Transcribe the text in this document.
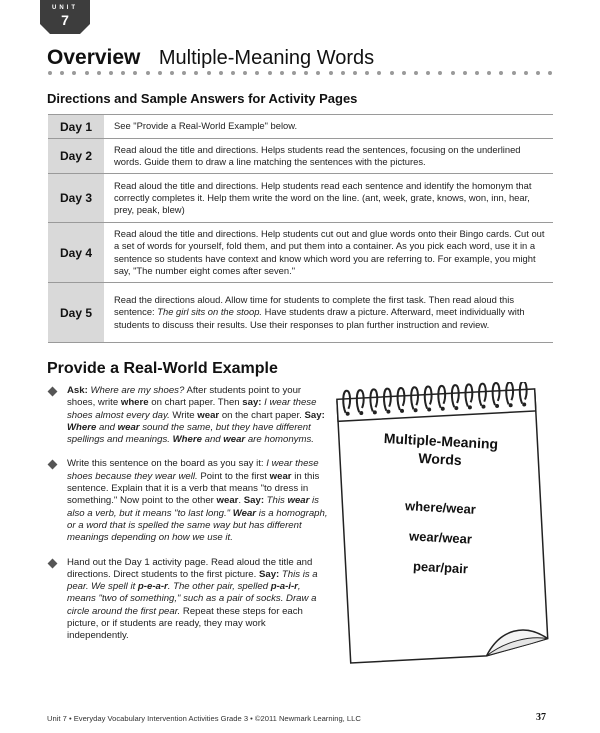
UNIT
7
Overview Multiple-Meaning Words
Directions and Sample Answers for Activity Pages
Day 1	See "Provide a Real-World Example" below.
Day 2	Read aloud the title and directions. Helps students read the sentences, focusing on the underlined words. Guide them to draw a line matching the sentences with the pictures.
Day 3	Read aloud the title and directions. Help students read each sentence and identify the homonym that correctly completes it. Help them write the word on the line. (ant, week, grate, knows, won, inn, hear, prey, peak, blew)
Day 4	Read aloud the title and directions. Help students cut out and glue words onto their Bingo cards. Cut out a set of words for yourself, fold them, and put them into a container. As you pick each word, use it in a sentence so students have context and know which word you are referring to. For example, you might say, "The number eight comes after seven."
Day 5	Read the directions aloud. Allow time for students to complete the first task. Then read aloud this sentence: The girl sits on the stoop. Have students draw a picture. Afterward, meet individually with students to discuss their results. Use their responses to plan further instruction and review.
Provide a Real-World Example
Ask: Where are my shoes? After students point to your shoes, write where on chart paper. Then say: I wear these shoes almost every day. Write wear on the chart paper. Say: Where and wear sound the same, but they have different spellings and meanings. Where and wear are homonyms.
Write this sentence on the board as you say it: I wear these shoes because they wear well. Point to the first wear in this sentence. Explain that it is a verb that means "to dress in something." Now point to the other wear. Say: This wear is also a verb, but it means "to last long." Wear is a homograph, or a word that is spelled the same way but has different meanings depending on how we use it.
Hand out the Day 1 activity page. Read aloud the title and directions. Direct students to the first picture. Say: This is a pear. We spell it p-e-a-r. The other pair, spelled p-a-i-r, means "two of something," such as a pair of socks. Draw a circle around the first pear. Repeat these steps for each picture, or if students are ready, they may work independently.
Multiple-Meaning
Words
where/wear
wear/wear
pear/pair
Unit 7 • Everyday Vocabulary Intervention Activities Grade 3 • ©2011 Newmark Learning, LLC	37
